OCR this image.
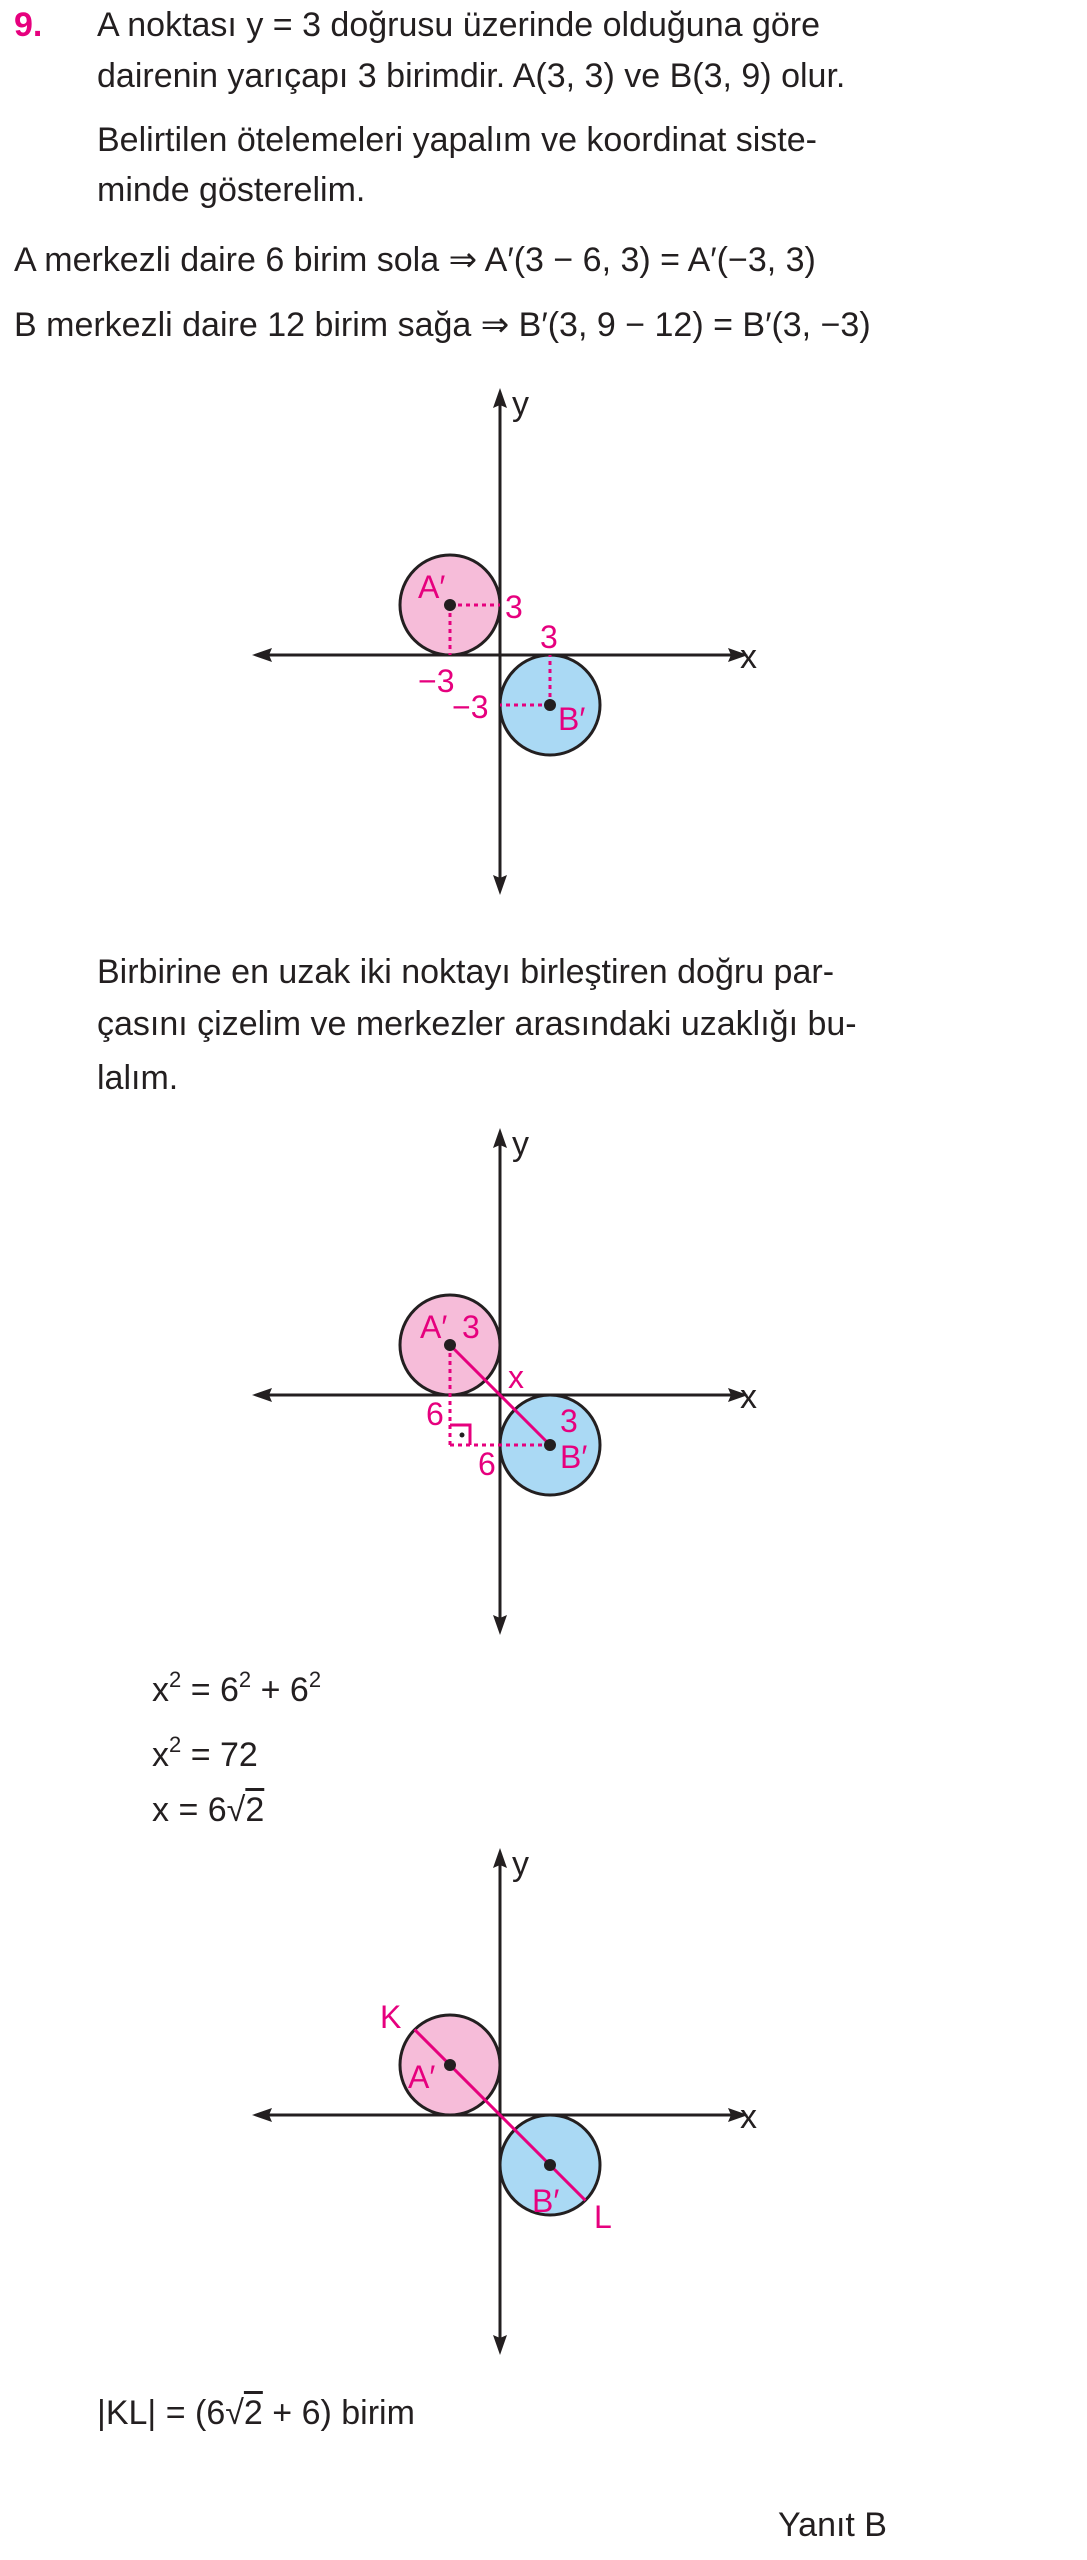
9. A noktası y = 3 doğrusu üzerinde olduğuna göre
dairenin yarıçapı 3 birimdir. A(3, 3) ve B(3, 9) olur.
Belirtilen ötelemeleri yapalım ve koordinat siste-
minde gösterelim.
A merkezli daire 6 birim sola ⇒ A′(3 − 6, 3) = A′(−3, 3)
B merkezli daire 12 birim sağa ⇒ B′(3, 9 − 12) = B′(3, −3)
x
y
A′
3
−3
3
−3 B′
Birbirine en uzak iki noktayı birleştiren doğru par-
çasını çizelim ve merkezler arasındaki uzaklığı bu-
lalım.
x
y
A′ 3
x
6
6
3
B′
$x^2 = 6^2 + 6^2$
$x^2 = 72$
x = 6√2
x
y
K
A′
B′ L
|KL| = (6√2 + 6) birim
Yanıt B
